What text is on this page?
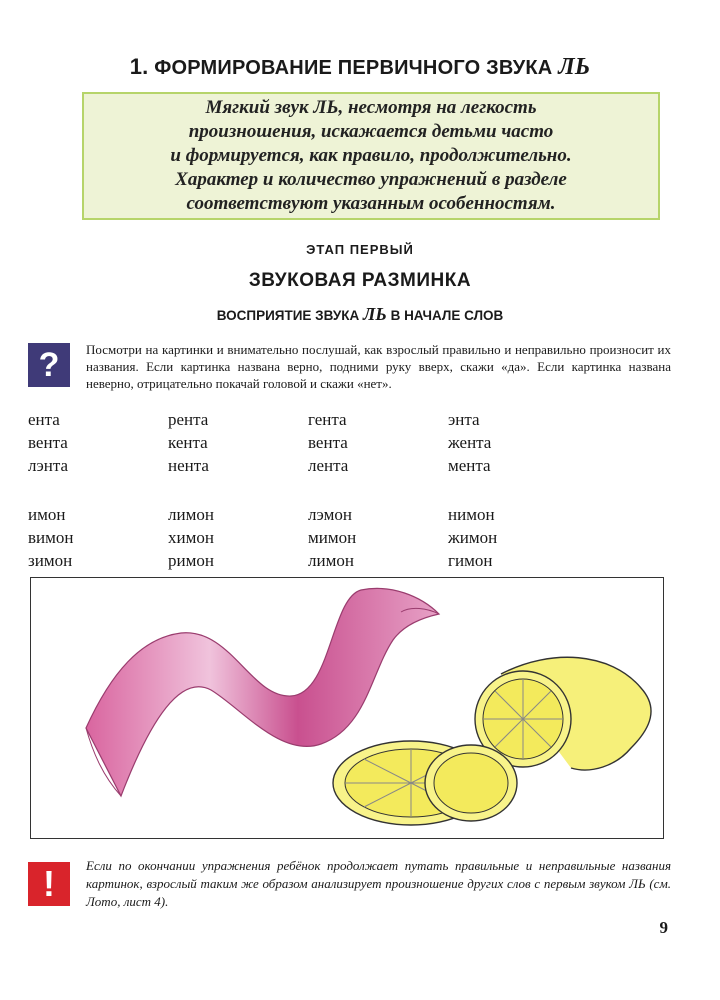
1. ФОРМИРОВАНИЕ ПЕРВИЧНОГО ЗВУКА ЛЬ
Мягкий звук ЛЬ, несмотря на легкость
произношения, искажается детьми часто
и формируется, как правило, продолжительно.
Характер и количество упражнений в разделе
соответствуют указанным особенностям.
ЭТАП ПЕРВЫЙ
ЗВУКОВАЯ РАЗМИНКА
ВОСПРИЯТИЕ ЗВУКА ЛЬ В НАЧАЛЕ СЛОВ
? Посмотри на картинки и внимательно послушай, как взрослый правильно и неправильно произносит их названия. Если картинка названа верно, подними руку вверх, скажи «да». Если картинка названа неверно, отрицательно покачай головой и скажи «нет».
ента
вента
лэнта
рента
кента
нента
гента
вента
лента
энта
жента
мента
имон
вимон
зимон
лимон
химон
римон
лэмон
мимон
лимон
нимон
жимон
гимон
! Если по окончании упражнения ребёнок продолжает путать правильные и неправильные названия картинок, взрослый таким же образом анализирует произношение других слов с первым звуком ЛЬ (см. Лото, лист 4).
9
